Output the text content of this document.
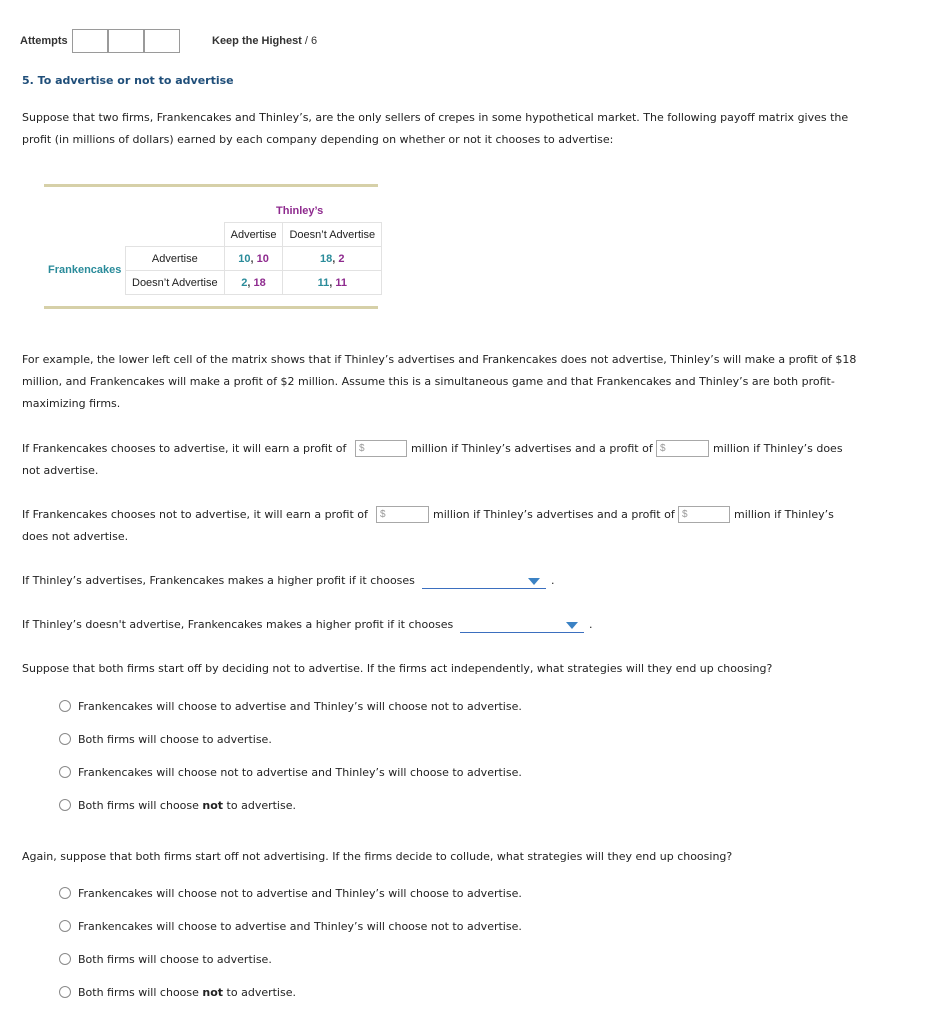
Attempts	Keep the Highest / 6
5. To advertise or not to advertise
Suppose that two firms, Frankencakes and Thinley’s, are the only sellers of crepes in some hypothetical market. The following payoff matrix gives the
profit (in millions of dollars) earned by each company depending on whether or not it chooses to advertise:
Thinley’s
Frankencakes
	Advertise	Doesn’t Advertise
Advertise	10, 10	18, 2
Doesn’t Advertise	2, 18	11, 11
For example, the lower left cell of the matrix shows that if Thinley’s advertises and Frankencakes does not advertise, Thinley’s will make a profit of $18
million, and Frankencakes will make a profit of $2 million. Assume this is a simultaneous game and that Frankencakes and Thinley’s are both profit-
maximizing firms.
If Frankencakes chooses to advertise, it will earn a profit of	$	million if Thinley’s advertises and a profit of $	million if Thinley’s does
not advertise.
If Frankencakes chooses not to advertise, it will earn a profit of	$	million if Thinley’s advertises and a profit of $	million if Thinley’s
does not advertise.
If Thinley’s advertises, Frankencakes makes a higher profit if it chooses	.
If Thinley’s doesn't advertise, Frankencakes makes a higher profit if it chooses	.
Suppose that both firms start off by deciding not to advertise. If the firms act independently, what strategies will they end up choosing?
Frankencakes will choose to advertise and Thinley’s will choose not to advertise.
Both firms will choose to advertise.
Frankencakes will choose not to advertise and Thinley’s will choose to advertise.
Both firms will choose not to advertise.
Again, suppose that both firms start off not advertising. If the firms decide to collude, what strategies will they end up choosing?
Frankencakes will choose not to advertise and Thinley’s will choose to advertise.
Frankencakes will choose to advertise and Thinley’s will choose not to advertise.
Both firms will choose to advertise.
Both firms will choose not to advertise.
